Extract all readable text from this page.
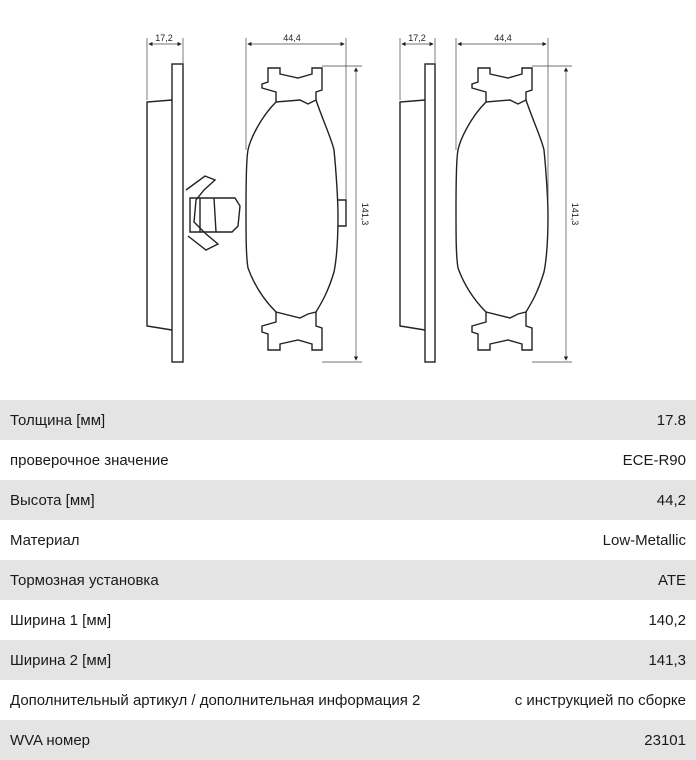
17,2	44,4
141,3
17,2	44,4
141,3
Толщина [мм]	17.8
проверочное значение	ECE-R90
Высота [мм]	44,2
Материал	Low-Metallic
Тормозная установка	ATE
Ширина 1 [мм]	140,2
Ширина 2 [мм]	141,3
Дополнительный артикул / дополнительная информация 2	с инструкцией по сборке
WVA номер	23101
